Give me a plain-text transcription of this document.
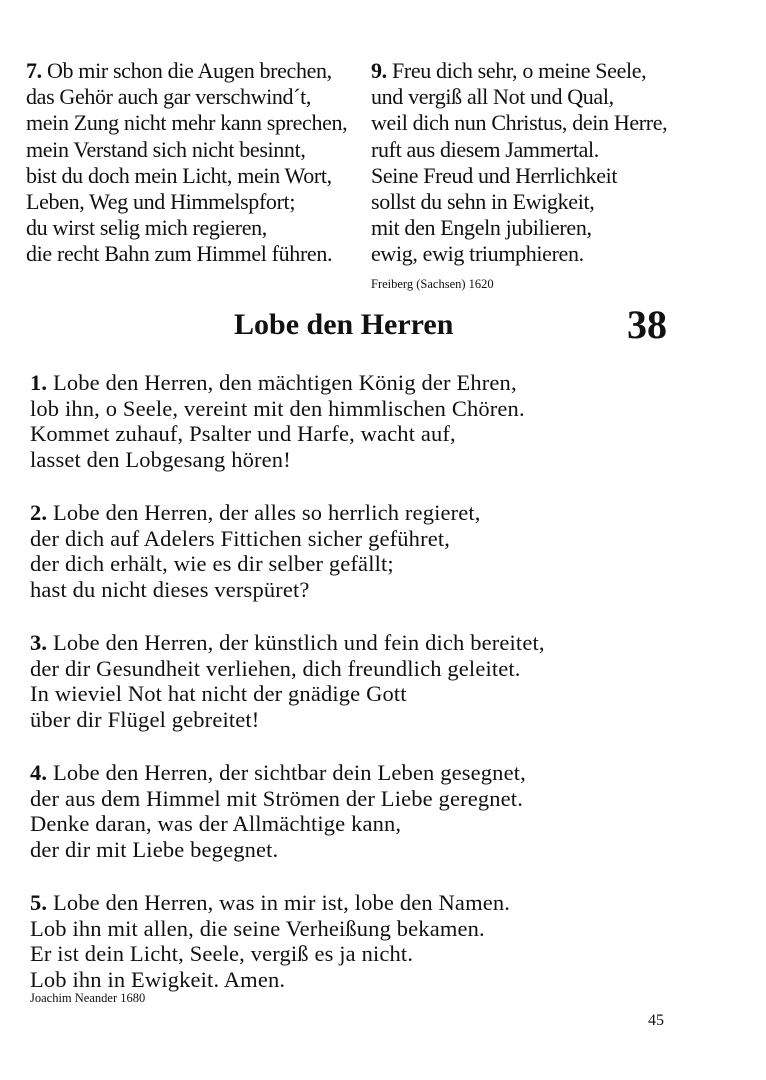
7. Ob mir schon die Augen brechen,
das Gehör auch gar verschwind´t,
mein Zung nicht mehr kann sprechen,
mein Verstand sich nicht besinnt,
bist du doch mein Licht, mein Wort,
Leben, Weg und Himmelspfort;
du wirst selig mich regieren,
die recht Bahn zum Himmel führen.
9. Freu dich sehr, o meine Seele,
und vergiß all Not und Qual,
weil dich nun Christus, dein Herre,
ruft aus diesem Jammertal.
Seine Freud und Herrlichkeit
sollst du sehn in Ewigkeit,
mit den Engeln jubilieren,
ewig, ewig triumphieren.
Freiberg (Sachsen) 1620
Lobe den Herren	38
1. Lobe den Herren, den mächtigen König der Ehren,
lob ihn, o Seele, vereint mit den himmlischen Chören.
Kommet zuhauf, Psalter und Harfe, wacht auf,
lasset den Lobgesang hören!
2. Lobe den Herren, der alles so herrlich regieret,
der dich auf Adelers Fittichen sicher geführet,
der dich erhält, wie es dir selber gefällt;
hast du nicht dieses verspüret?
3. Lobe den Herren, der künstlich und fein dich bereitet,
der dir Gesundheit verliehen, dich freundlich geleitet.
In wieviel Not hat nicht der gnädige Gott
über dir Flügel gebreitet!
4. Lobe den Herren, der sichtbar dein Leben gesegnet,
der aus dem Himmel mit Strömen der Liebe geregnet.
Denke daran, was der Allmächtige kann,
der dir mit Liebe begegnet.
5. Lobe den Herren, was in mir ist, lobe den Namen.
Lob ihn mit allen, die seine Verheißung bekamen.
Er ist dein Licht, Seele, vergiß es ja nicht.
Lob ihn in Ewigkeit. Amen.
Joachim Neander 1680
45
